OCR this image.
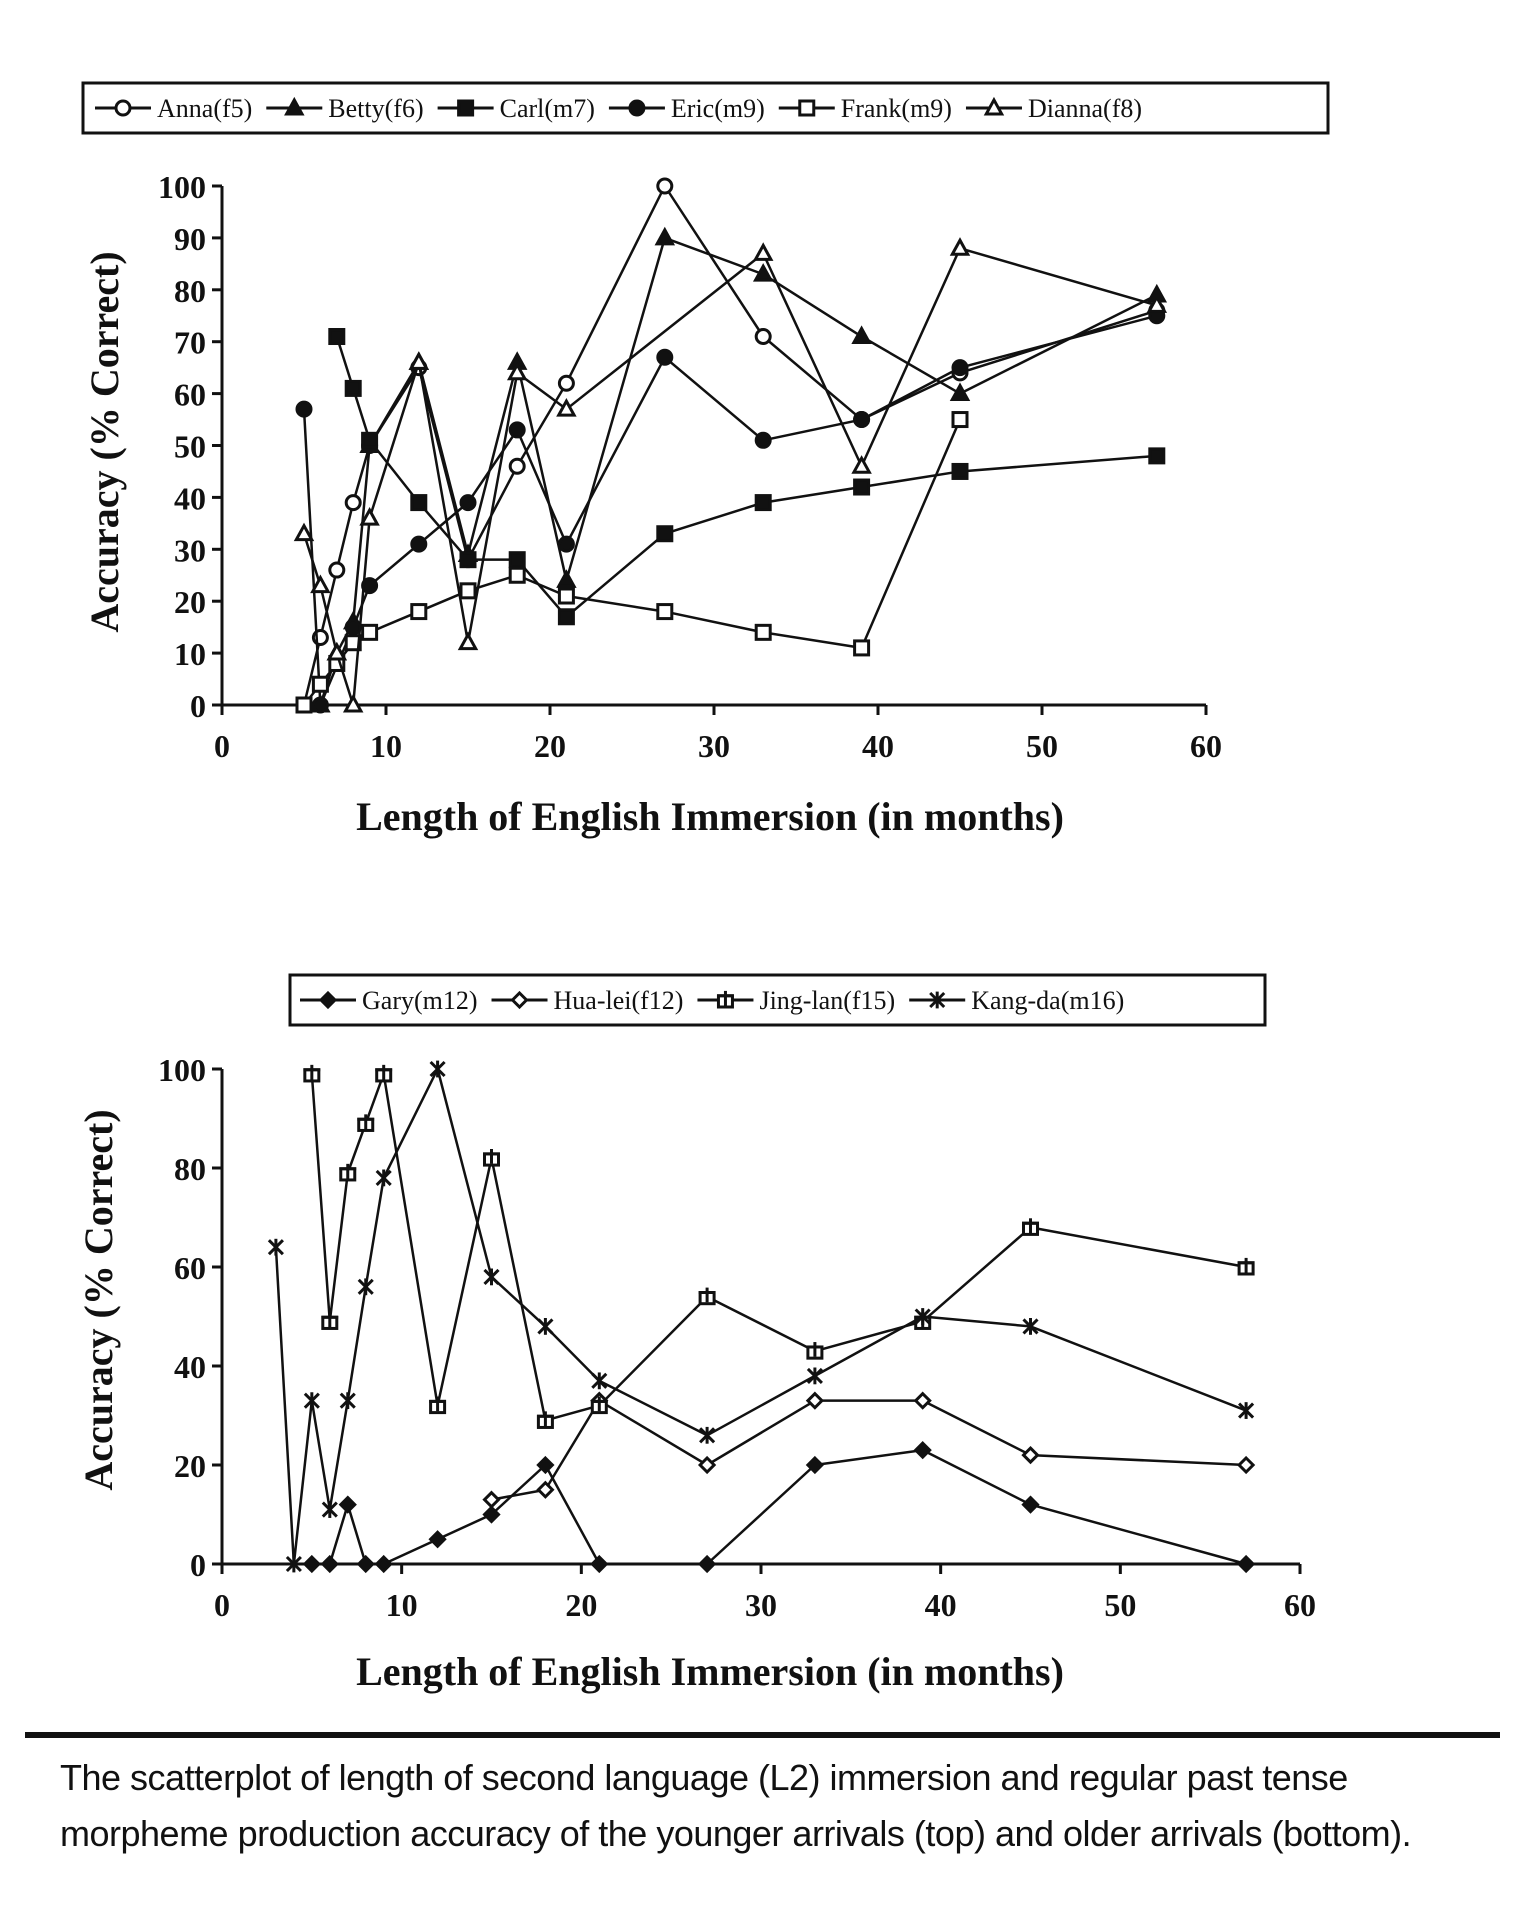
Anna(f5)	Betty(f6)	Carl(m7)	Eric(m9)	Frank(m9)	Dianna(f8)
0
10
20
30
40
50
60
70
80
90
100
0	10	20	30	40	50	60
Accuracy (% Correct)
Length of English Immersion (in months)
Gary(m12)	Hua-lei(f12)	Jing-lan(f15)	Kang-da(m16)
0
20
40
60
80
100
0	10	20	30	40	50	60
Accuracy (% Correct)
Length of English Immersion (in months)
The scatterplot of length of second language (L2) immersion and regular past tense morpheme production accuracy of the younger arrivals (top) and older arrivals (bottom).
